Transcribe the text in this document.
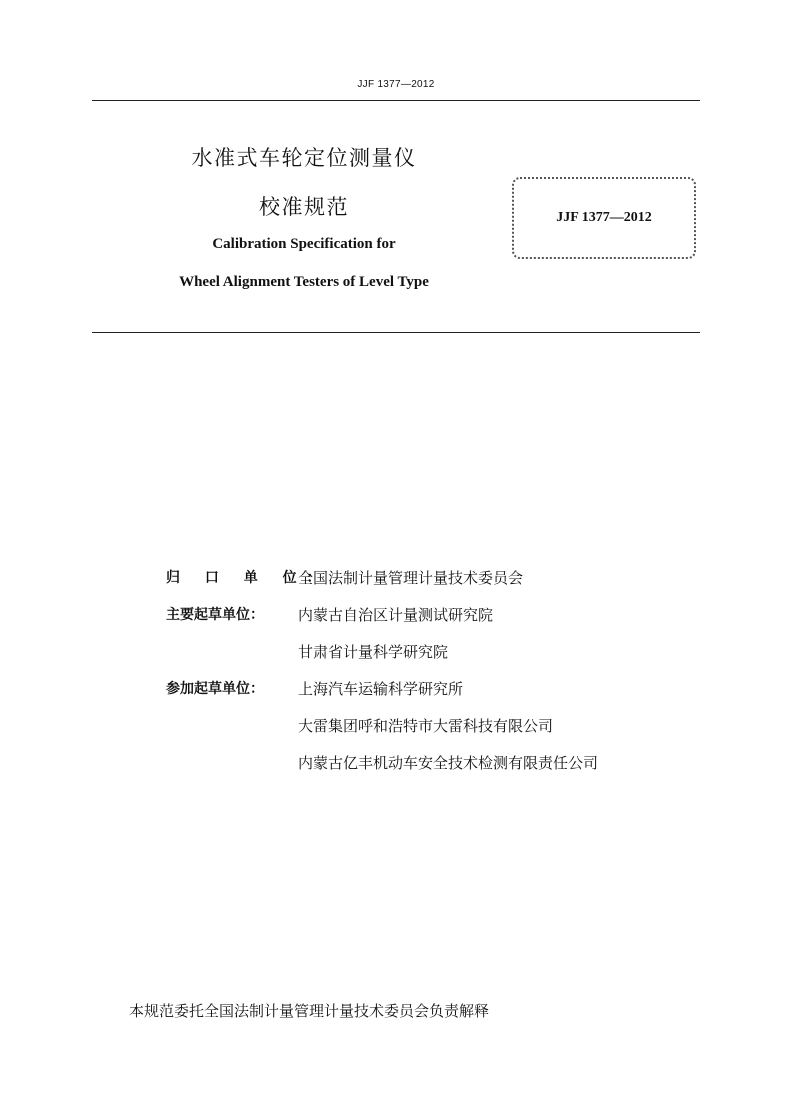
JJF 1377—2012
水准式车轮定位测量仪
校准规范
Calibration Specification for
Wheel Alignment Testers of Level Type
JJF 1377—2012
归 口 单 位：
全国法制计量管理计量技术委员会
主要起草单位：	内蒙古自治区计量测试研究院
甘肃省计量科学研究院
参加起草单位：	上海汽车运输科学研究所
大雷集团呼和浩特市大雷科技有限公司
内蒙古亿丰机动车安全技术检测有限责任公司
本规范委托全国法制计量管理计量技术委员会负责解释
